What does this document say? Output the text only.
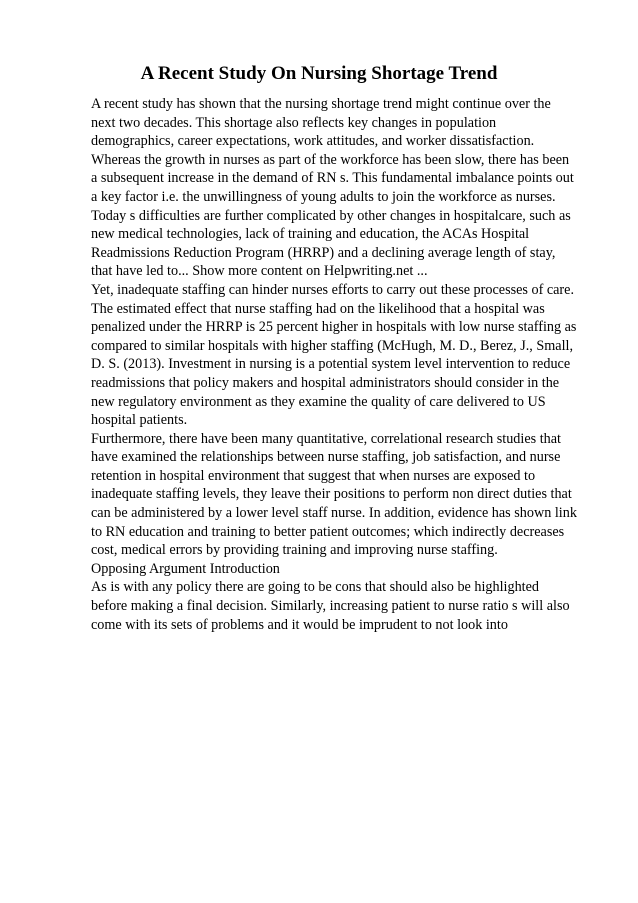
A Recent Study On Nursing Shortage Trend
A recent study has shown that the nursing shortage trend might continue over the
next two decades. This shortage also reflects key changes in population
demographics, career expectations, work attitudes, and worker dissatisfaction.
Whereas the growth in nurses as part of the workforce has been slow, there has been
a subsequent increase in the demand of RN s. This fundamental imbalance points out
a key factor i.e. the unwillingness of young adults to join the workforce as nurses.
Today s difficulties are further complicated by other changes in hospitalcare, such as
new medical technologies, lack of training and education, the ACAs Hospital
Readmissions Reduction Program (HRRP) and a declining average length of stay,
that have led to... Show more content on Helpwriting.net ...
Yet, inadequate staffing can hinder nurses efforts to carry out these processes of care.
The estimated effect that nurse staffing had on the likelihood that a hospital was
penalized under the HRRP is 25 percent higher in hospitals with low nurse staffing as
compared to similar hospitals with higher staffing (McHugh, M. D., Berez, J., Small,
D. S. (2013). Investment in nursing is a potential system level intervention to reduce
readmissions that policy makers and hospital administrators should consider in the
new regulatory environment as they examine the quality of care delivered to US
hospital patients.
Furthermore, there have been many quantitative, correlational research studies that
have examined the relationships between nurse staffing, job satisfaction, and nurse
retention in hospital environment that suggest that when nurses are exposed to
inadequate staffing levels, they leave their positions to perform non direct duties that
can be administered by a lower level staff nurse. In addition, evidence has shown link
to RN education and training to better patient outcomes; which indirectly decreases
cost, medical errors by providing training and improving nurse staffing.
Opposing Argument Introduction
As is with any policy there are going to be cons that should also be highlighted
before making a final decision. Similarly, increasing patient to nurse ratio s will also
come with its sets of problems and it would be imprudent to not look into
